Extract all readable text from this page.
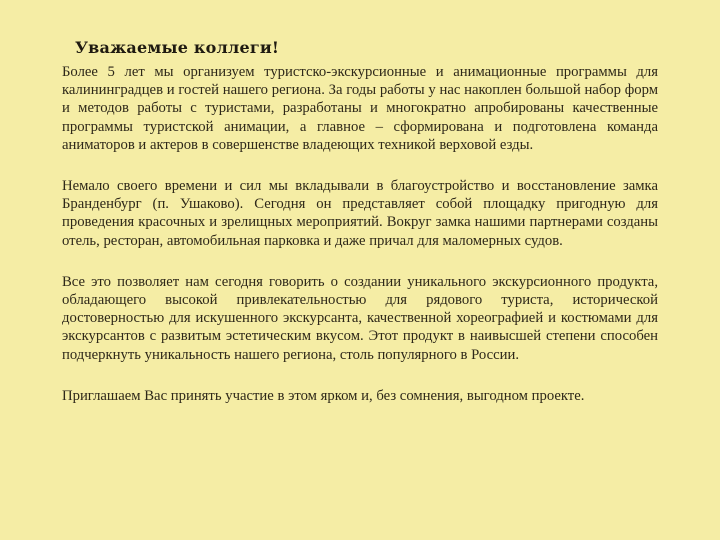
Уважаемые коллеги!

Более 5 лет мы организуем туристско-экскурсионные и анимационные программы для калининградцев и гостей нашего региона. За годы работы у нас накоплен большой набор форм и методов работы с туристами, разработаны и многократно апробированы качественные программы туристской анимации, а главное – сформирована и подготовлена команда аниматоров и актеров в совершенстве владеющих техникой верховой езды.

Немало своего времени и сил мы вкладывали в благоустройство и восстановление замка Бранденбург (п. Ушаково). Сегодня он представляет собой площадку пригодную для проведения красочных и зрелищных мероприятий. Вокруг замка нашими партнерами созданы отель, ресторан, автомобильная парковка и даже причал для маломерных судов.

Все это позволяет нам сегодня говорить о создании уникального экскурсионного продукта, обладающего высокой привлекательностью для рядового туриста, исторической достоверностью для искушенного экскурсанта, качественной хореографией и костюмами для экскурсантов с развитым эстетическим вкусом. Этот продукт в наивысшей степени способен подчеркнуть уникальность нашего региона, столь популярного в России.

Приглашаем Вас принять участие в этом ярком и, без сомнения, выгодном проекте.
